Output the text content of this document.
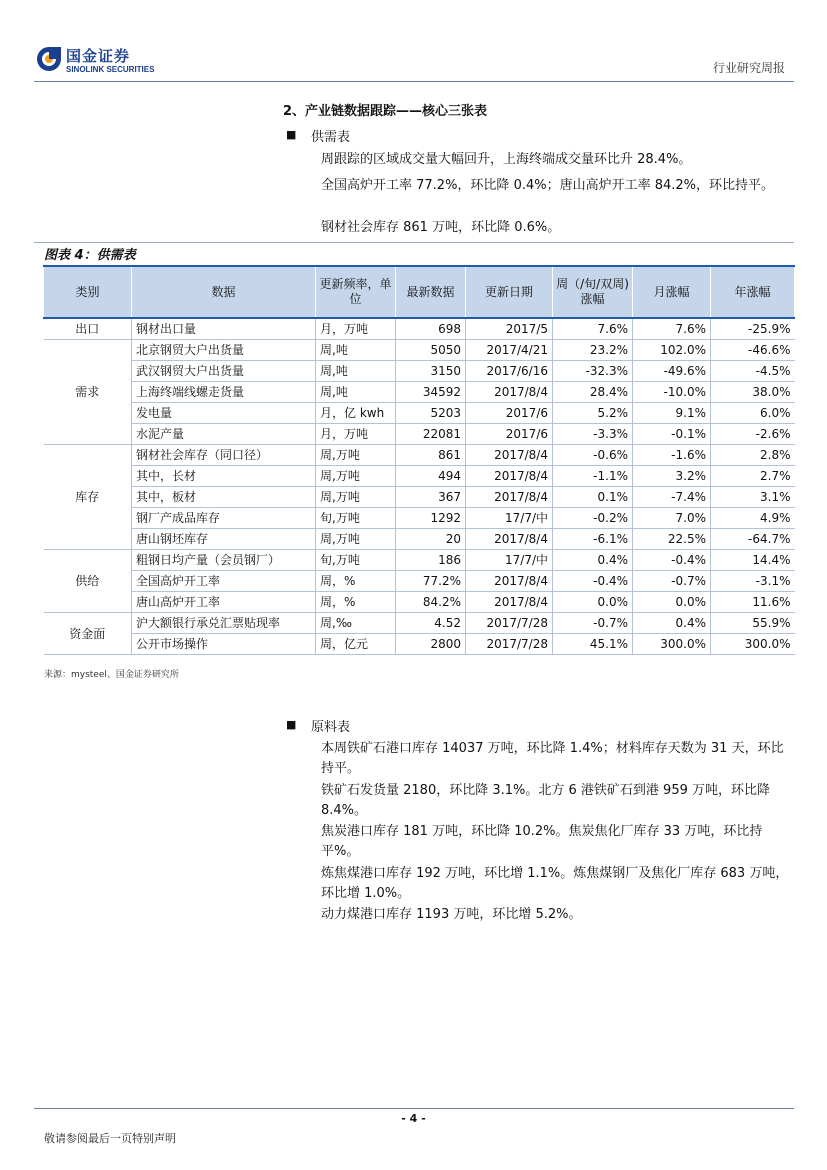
国金证券
SINOLINK SECURITIES	行业研究周报
2、产业链数据跟踪——核心三张表
■ 供需表
周跟踪的区域成交量大幅回升，上海终端成交量环比升 28.4%。
全国高炉开工率 77.2%，环比降 0.4%；唐山高炉开工率 84.2%，环比持平。
钢材社会库存 861 万吨，环比降 0.6%。
图表 4：供需表
类别	数据	更新频率，单位	最新数据	更新日期	周（/旬/双周)涨幅	月涨幅	年涨幅
出口	钢材出口量	月，万吨	698	2017/5	7.6%	7.6%	-25.9%
需求	北京钢贸大户出货量	周,吨	5050	2017/4/21	23.2%	102.0%	-46.6%
	武汉钢贸大户出货量	周,吨	3150	2017/6/16	-32.3%	-49.6%	-4.5%
	上海终端线螺走货量	周,吨	34592	2017/8/4	28.4%	-10.0%	38.0%
	发电量	月，亿 kwh	5203	2017/6	5.2%	9.1%	6.0%
	水泥产量	月，万吨	22081	2017/6	-3.3%	-0.1%	-2.6%
库存	钢材社会库存（同口径）	周,万吨	861	2017/8/4	-0.6%	-1.6%	2.8%
	其中，长材	周,万吨	494	2017/8/4	-1.1%	3.2%	2.7%
	其中，板材	周,万吨	367	2017/8/4	0.1%	-7.4%	3.1%
	钢厂产成品库存	旬,万吨	1292	17/7/中	-0.2%	7.0%	4.9%
	唐山钢坯库存	周,万吨	20	2017/8/4	-6.1%	22.5%	-64.7%
供给	粗钢日均产量（会员钢厂）	旬,万吨	186	17/7/中	0.4%	-0.4%	14.4%
	全国高炉开工率	周，%	77.2%	2017/8/4	-0.4%	-0.7%	-3.1%
	唐山高炉开工率	周，%	84.2%	2017/8/4	0.0%	0.0%	11.6%
资金面	沪大额银行承兑汇票贴现率	周,‰	4.52	2017/7/28	-0.7%	0.4%	55.9%
	公开市场操作	周，亿元	2800	2017/7/28	45.1%	300.0%	300.0%
来源：mysteel、国金证券研究所
■ 原料表
本周铁矿石港口库存 14037 万吨，环比降 1.4%；材料库存天数为 31 天，环比持平。
铁矿石发货量 2180，环比降 3.1%。北方 6 港铁矿石到港 959 万吨，环比降 8.4%。
焦炭港口库存 181 万吨，环比降 10.2%。焦炭焦化厂库存 33 万吨，环比持平%。
炼焦煤港口库存 192 万吨，环比增 1.1%。炼焦煤钢厂及焦化厂库存 683 万吨，环比增 1.0%。
动力煤港口库存 1193 万吨，环比增 5.2%。
- 4 -
敬请参阅最后一页特别声明
